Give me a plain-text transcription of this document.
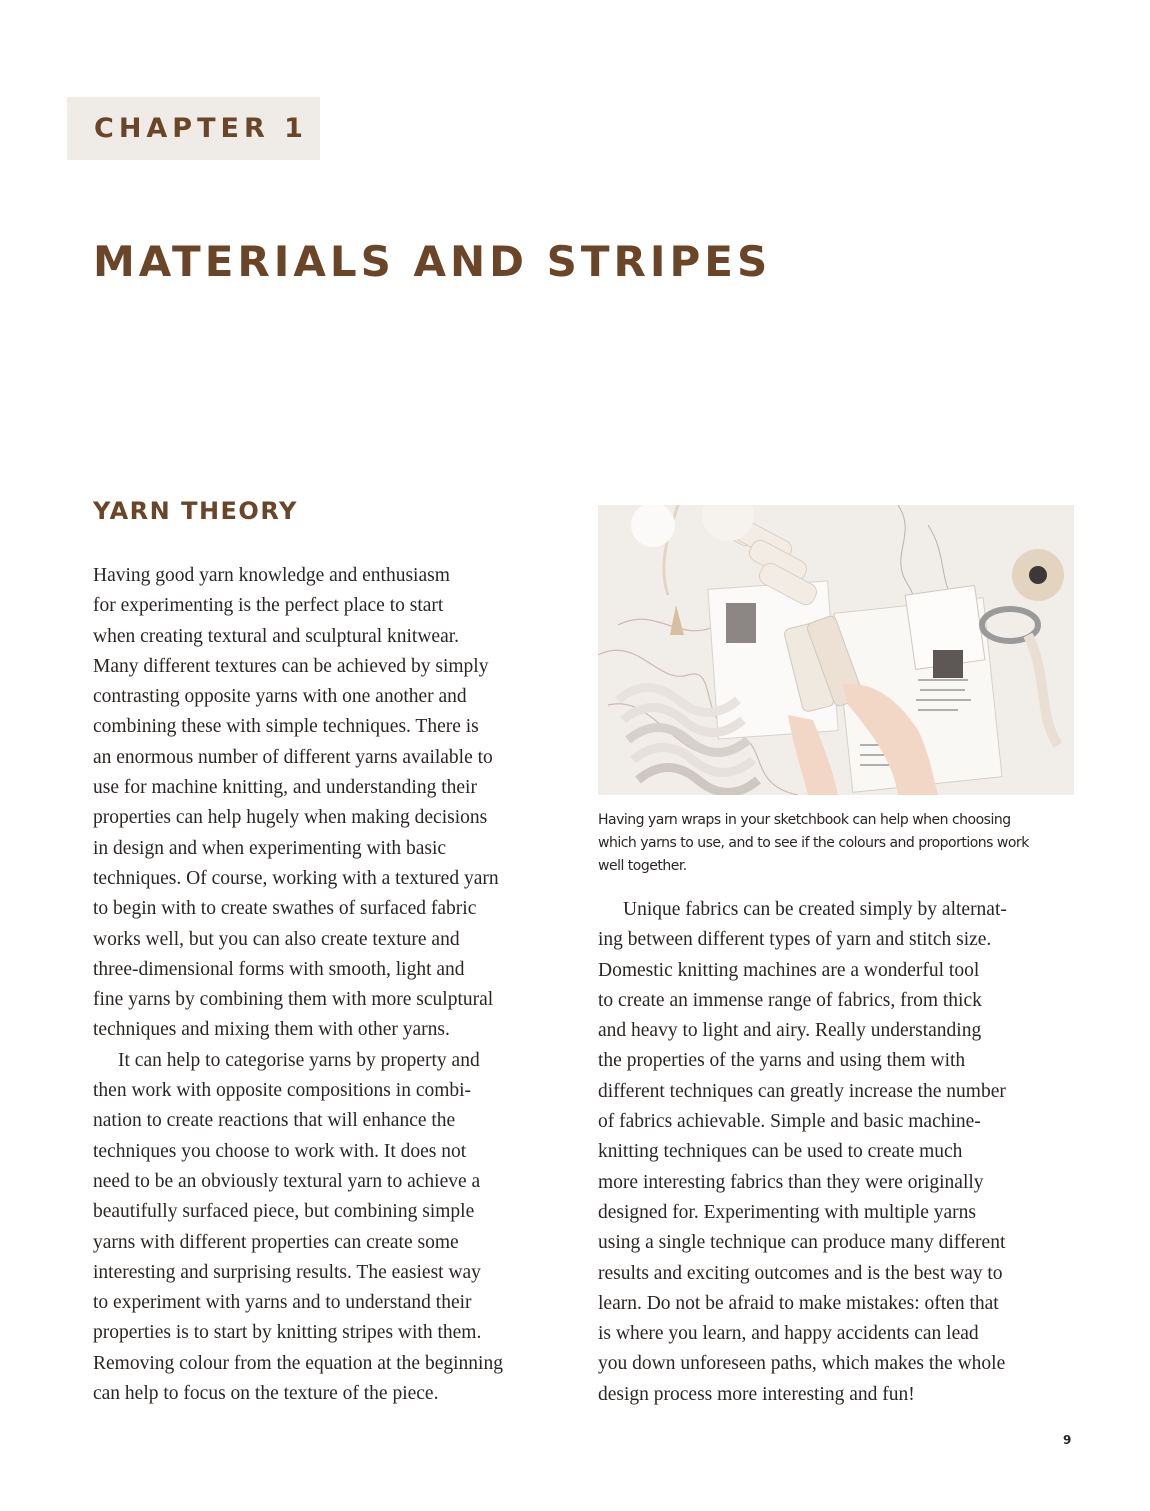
CHAPTER 1
MATERIALS AND STRIPES
YARN THEORY
Having good yarn knowledge and enthusiasm
for experimenting is the perfect place to start
when creating textural and sculptural knitwear.
Many different textures can be achieved by simply
contrasting opposite yarns with one another and
combining these with simple techniques. There is
an enormous number of different yarns available to
use for machine knitting, and understanding their
properties can help hugely when making decisions
in design and when experimenting with basic
techniques. Of course, working with a textured yarn
to begin with to create swathes of surfaced fabric
works well, but you can also create texture and
three-dimensional forms with smooth, light and
fine yarns by combining them with more sculptural
techniques and mixing them with other yarns.
It can help to categorise yarns by property and
then work with opposite compositions in combi-
nation to create reactions that will enhance the
techniques you choose to work with. It does not
need to be an obviously textural yarn to achieve a
beautifully surfaced piece, but combining simple
yarns with different properties can create some
interesting and surprising results. The easiest way
to experiment with yarns and to understand their
properties is to start by knitting stripes with them.
Removing colour from the equation at the beginning
can help to focus on the texture of the piece.
Having yarn wraps in your sketchbook can help when choosing
which yarns to use, and to see if the colours and proportions work
well together.
Unique fabrics can be created simply by alternat-
ing between different types of yarn and stitch size.
Domestic knitting machines are a wonderful tool
to create an immense range of fabrics, from thick
and heavy to light and airy. Really understanding
the properties of the yarns and using them with
different techniques can greatly increase the number
of fabrics achievable. Simple and basic machine-
knitting techniques can be used to create much
more interesting fabrics than they were originally
designed for. Experimenting with multiple yarns
using a single technique can produce many different
results and exciting outcomes and is the best way to
learn. Do not be afraid to make mistakes: often that
is where you learn, and happy accidents can lead
you down unforeseen paths, which makes the whole
design process more interesting and fun!
9
